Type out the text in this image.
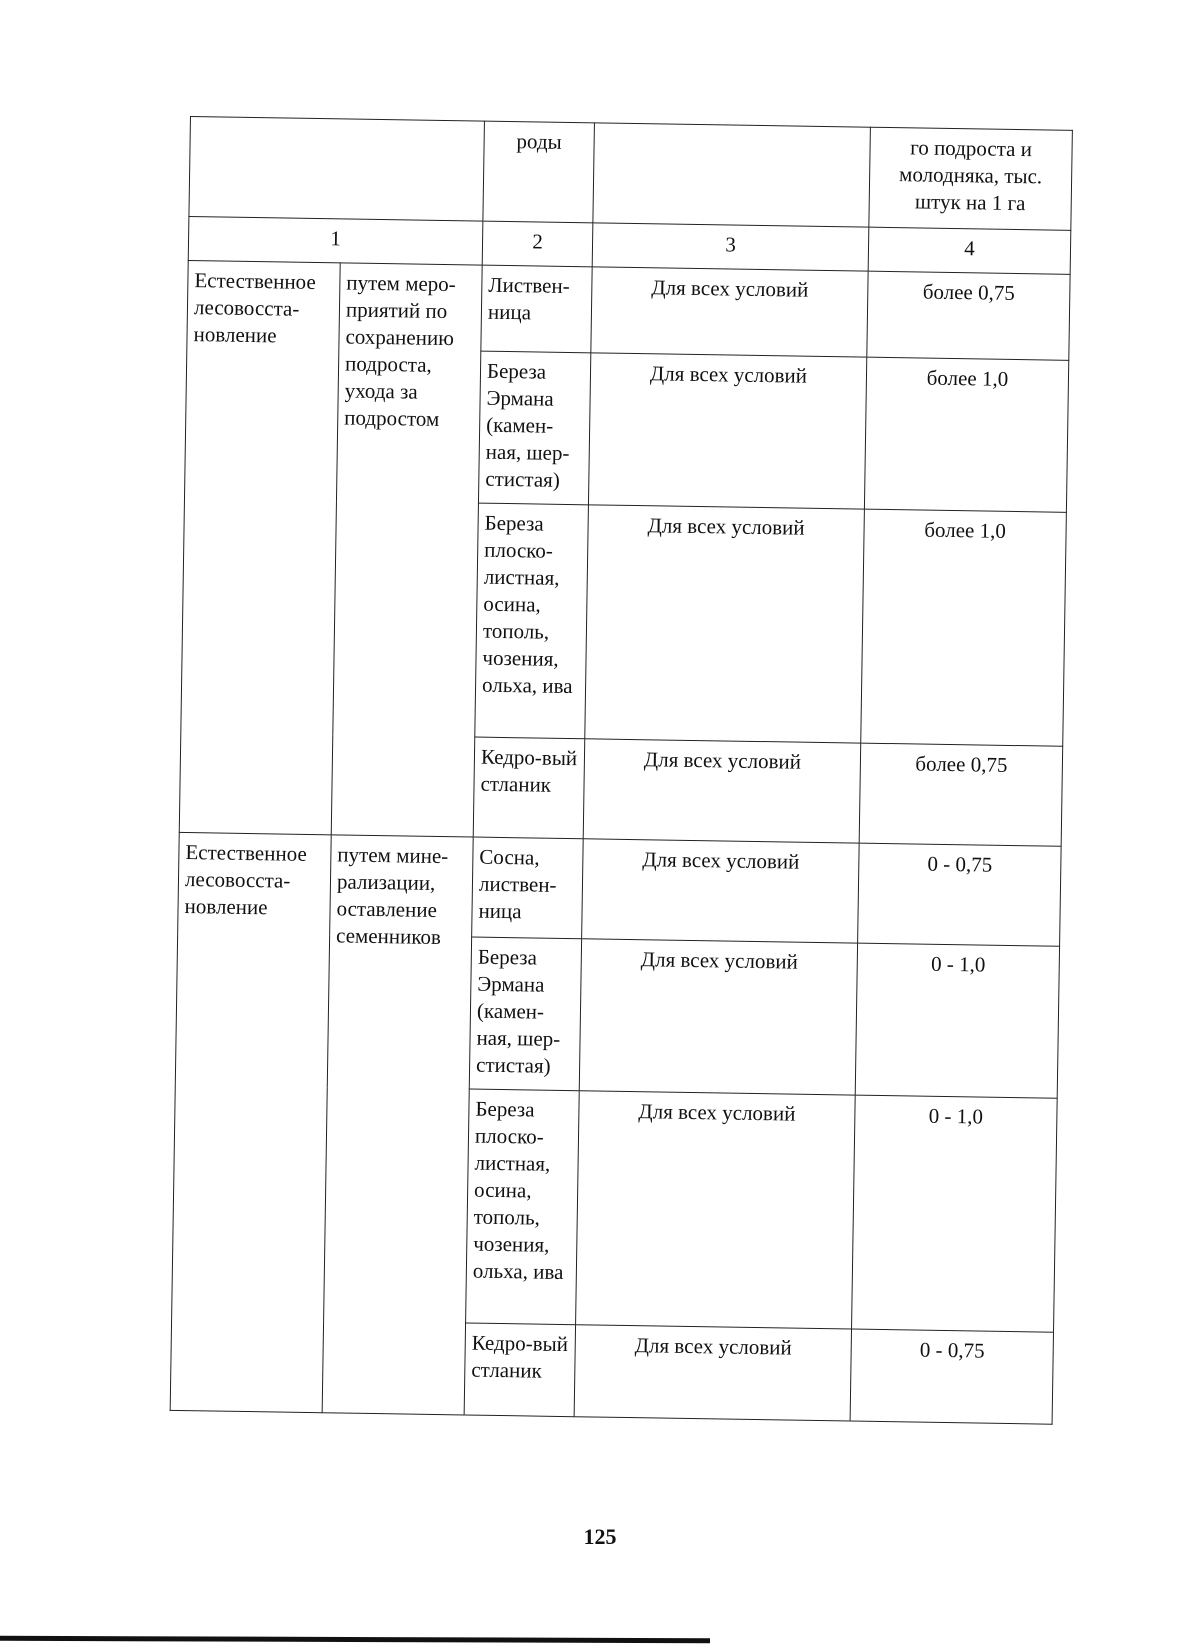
		роды		го подроста и молодняка, тыс. штук на 1 га
1		2	3	4
Естественное лесовосста-новление	путем меро-приятий по сохранению подроста, ухода за подростом	Листвен-ница	Для всех условий	более 0,75
		Береза Эрмана (камен-ная, шер-стистая)	Для всех условий	более 1,0
		Береза плоско-листная, осина, тополь, чозения, ольха, ива	Для всех условий	более 1,0
		Кедро-вый стланик	Для всех условий	более 0,75
Естественное лесовосста-новление	путем мине-рализации, оставление семенников	Сосна, листвен-ница	Для всех условий	0 - 0,75
		Береза Эрмана (камен-ная, шер-стистая)	Для всех условий	0 - 1,0
		Береза плоско-листная, осина, тополь, чозения, ольха, ива	Для всех условий	0 - 1,0
		Кедро-вый стланик	Для всех условий	0 - 0,75
125
